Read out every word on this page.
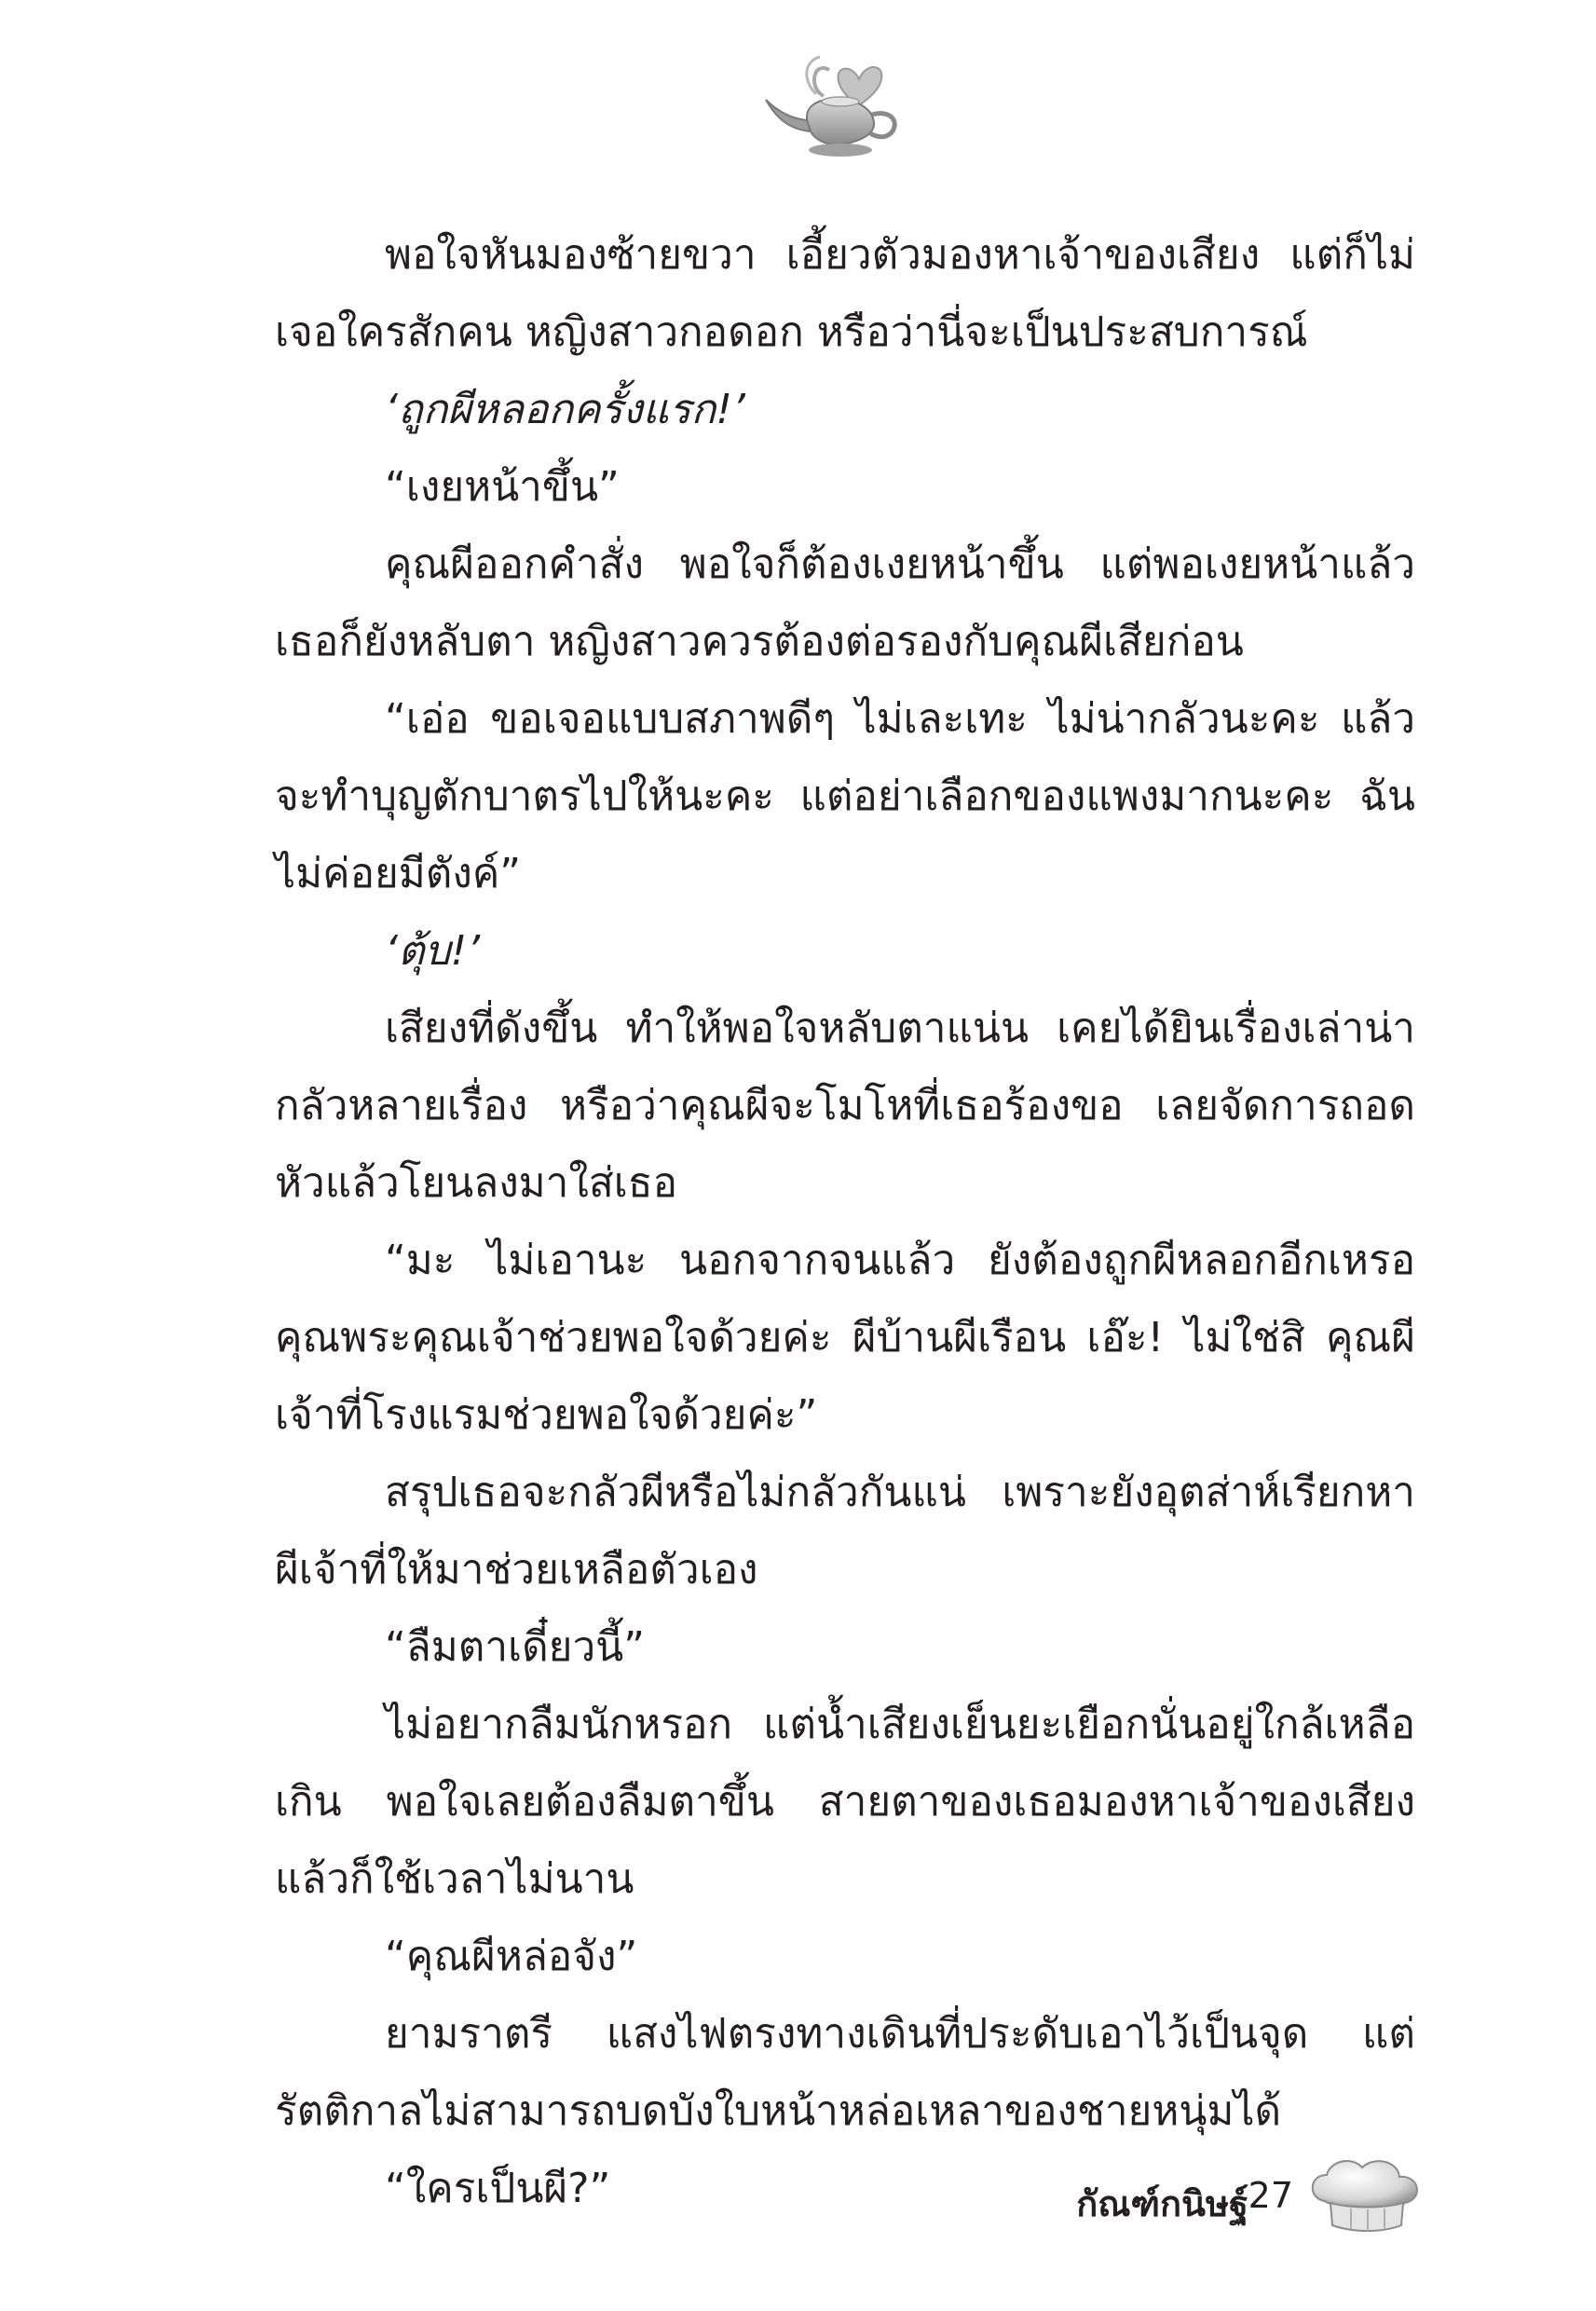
พอใจหันมองซ้ายขวา เอี้ยวตัวมองหาเจ้าของเสียง แต่ก็ไม่เจอใครสักคน หญิงสาวกอดอก หรือว่านี่จะเป็นประสบการณ์

‘ถูกผีหลอกครั้งแรก!’

“เงยหน้าขึ้น”

คุณผีออกคำสั่ง พอใจก็ต้องเงยหน้าขึ้น แต่พอเงยหน้าแล้ว เธอก็ยังหลับตา หญิงสาวควรต้องต่อรองกับคุณผีเสียก่อน

“เอ่อ ขอเจอแบบสภาพดีๆ ไม่เละเทะ ไม่น่ากลัวนะคะ แล้วจะทำบุญตักบาตรไปให้นะคะ แต่อย่าเลือกของแพงมากนะคะ ฉันไม่ค่อยมีตังค์”

‘ตุ้บ!’

เสียงที่ดังขึ้น ทำให้พอใจหลับตาแน่น เคยได้ยินเรื่องเล่าน่ากลัวหลายเรื่อง หรือว่าคุณผีจะโมโหที่เธอร้องขอ เลยจัดการถอดหัวแล้วโยนลงมาใส่เธอ

“มะ ไม่เอานะ นอกจากจนแล้ว ยังต้องถูกผีหลอกอีกเหรอ คุณพระคุณเจ้าช่วยพอใจด้วยค่ะ ผีบ้านผีเรือน เอ๊ะ! ไม่ใช่สิ คุณผีเจ้าที่โรงแรมช่วยพอใจด้วยค่ะ”

สรุปเธอจะกลัวผีหรือไม่กลัวกันแน่ เพราะยังอุตส่าห์เรียกหาผีเจ้าที่ให้มาช่วยเหลือตัวเอง

“ลืมตาเดี๋ยวนี้”

ไม่อยากลืมนักหรอก แต่น้ำเสียงเย็นยะเยือกนั่นอยู่ใกล้เหลือเกิน พอใจเลยต้องลืมตาขึ้น สายตาของเธอมองหาเจ้าของเสียง แล้วก็ใช้เวลาไม่นาน

“คุณผีหล่อจัง”

ยามราตรี แสงไฟตรงทางเดินที่ประดับเอาไว้เป็นจุด แต่รัตติกาลไม่สามารถบดบังใบหน้าหล่อเหลาของชายหนุ่มได้

“ใครเป็นผี?”	กัณฑ์กนิษฐ์ 27
